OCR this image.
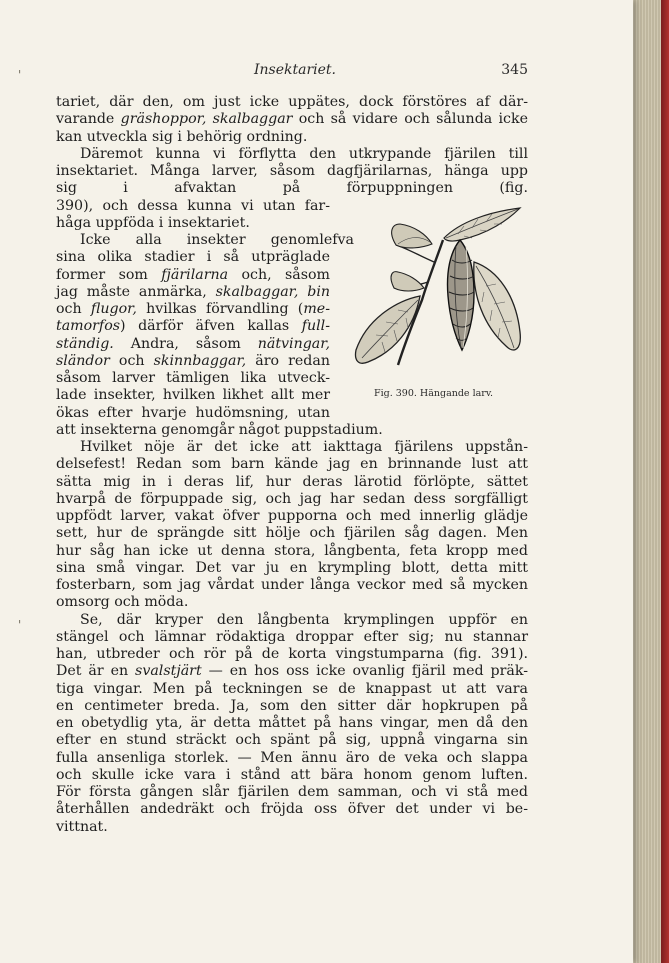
Insektariet.	345
tariet, där den, om just icke uppätes, dock förstöres af där-
varande gräshoppor, skalbaggar och så vidare och sålunda icke
kan utveckla sig i behörig ordning.
Däremot kunna vi förflytta den utkrypande fjärilen till
insektariet. Många larver, såsom dagfjärilarnas, hänga upp
sig i afvaktan på förpuppningen (fig.
390), och dessa kunna vi utan far-
håga uppföda i insektariet.
Icke alla insekter genomlefva
sina olika stadier i så utpräglade
former som fjärilarna och, såsom
jag måste anmärka, skalbaggar, bin
och flugor, hvilkas förvandling (me-
tamorfos) därför äfven kallas full-
ständig. Andra, såsom nätvingar,
sländor och skinnbaggar, äro redan
såsom larver tämligen lika utveck-
lade insekter, hvilken likhet allt mer
ökas efter hvarje hudömsning, utan
att insekterna genomgår något puppstadium.
Hvilket nöje är det icke att iakttaga fjärilens uppstån-
delsefest! Redan som barn kände jag en brinnande lust att
sätta mig in i deras lif, hur deras lärotid förlöpte, sättet
hvarpå de förpuppade sig, och jag har sedan dess sorgfälligt
uppfödt larver, vakat öfver pupporna och med innerlig glädje
sett, hur de sprängde sitt hölje och fjärilen såg dagen. Men
hur såg han icke ut denna stora, långbenta, feta kropp med
sina små vingar. Det var ju en krympling blott, detta mitt
fosterbarn, som jag vårdat under långa veckor med så mycken
omsorg och möda.
Se, där kryper den långbenta krymplingen uppför en
stängel och lämnar rödaktiga droppar efter sig; nu stannar
han, utbreder och rör på de korta vingstumparna (fig. 391).
Det är en svalstjärt — en hos oss icke ovanlig fjäril med präk-
tiga vingar. Men på teckningen se de knappast ut att vara
en centimeter breda. Ja, som den sitter där hopkrupen på
en obetydlig yta, är detta måttet på hans vingar, men då den
efter en stund sträckt och spänt på sig, uppnå vingarna sin
fulla ansenliga storlek. — Men ännu äro de veka och slappa
och skulle icke vara i stånd att bära honom genom luften.
För första gången slår fjärilen dem samman, och vi stå med
återhållen andedräkt och fröjda oss öfver det under vi be-
vittnat.
Fig. 390. Hängande larv.
'
'
